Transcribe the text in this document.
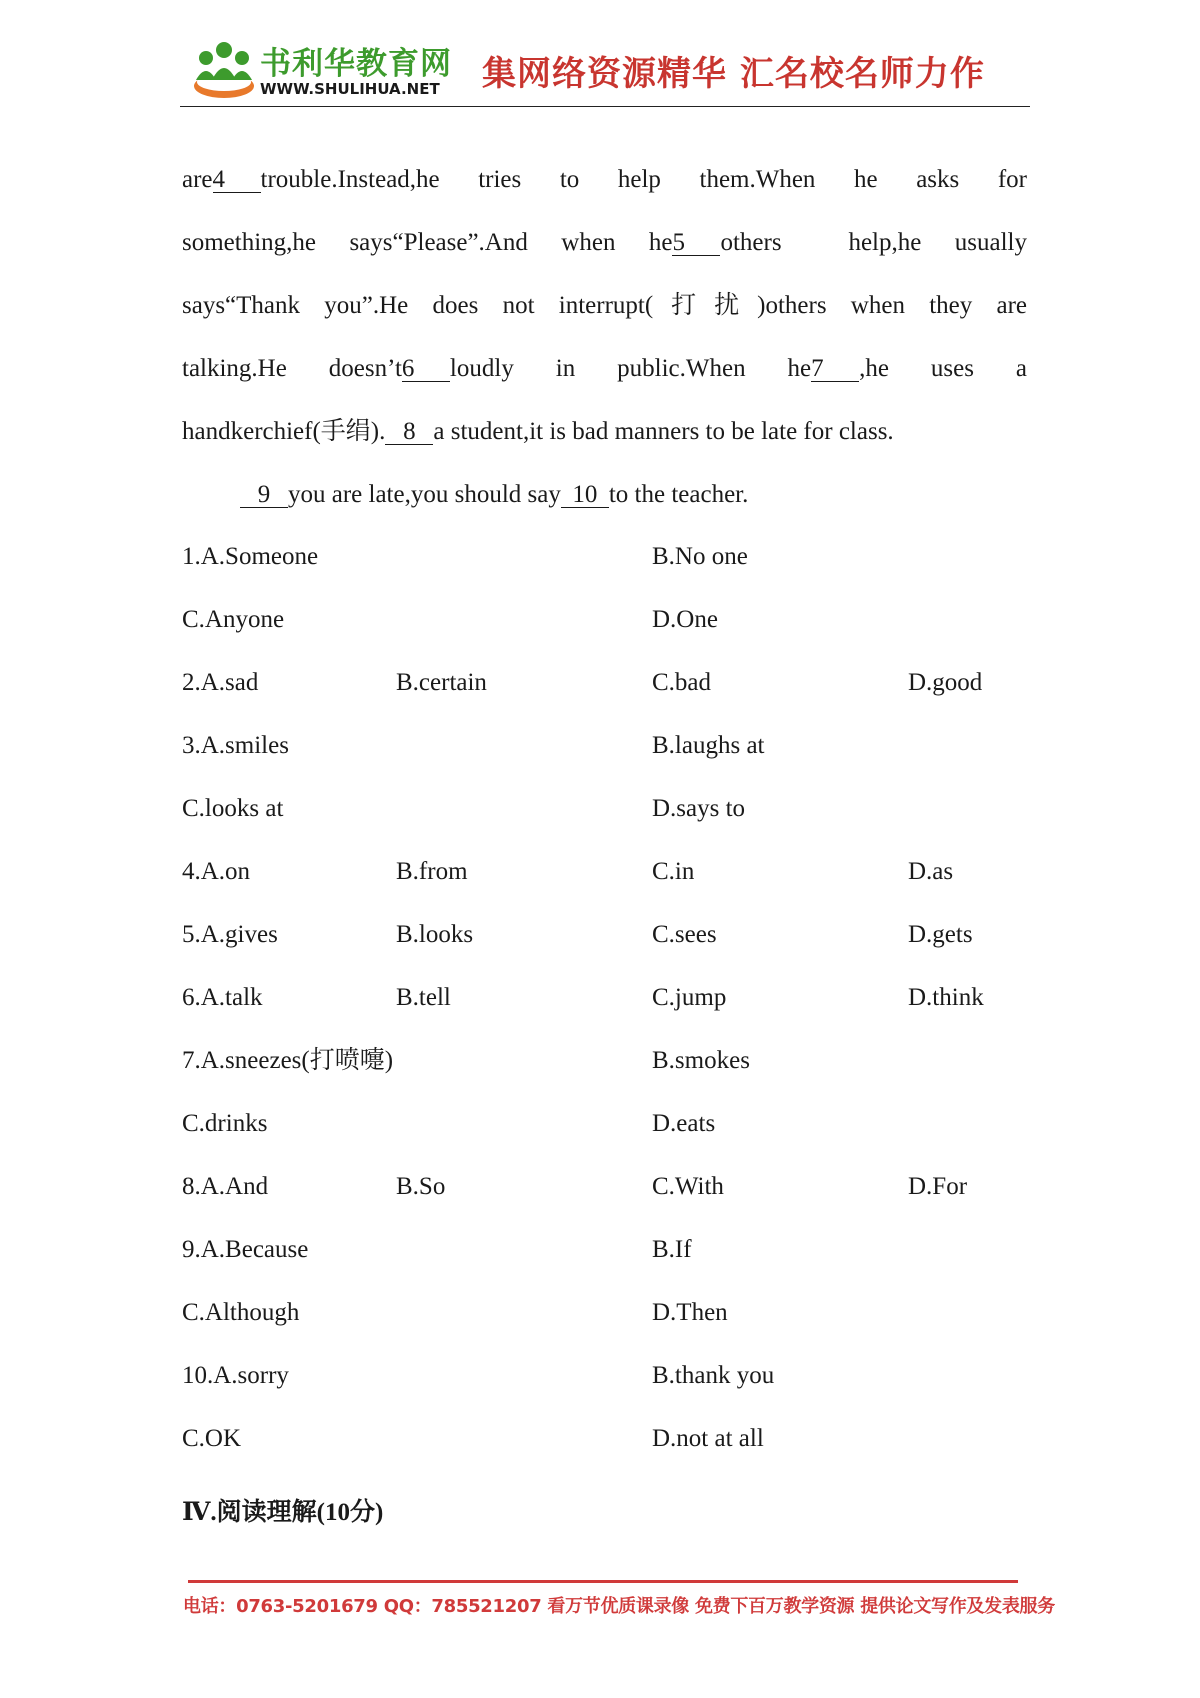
书利华教育网
WWW.SHULIHUA.NET 集网络资源精华 汇名校名师力作
are4 trouble.Instead,he tries to help them.When he asks for
something,he says“Please”.And when he5 others  help,he usually
says“Thank you”.He does not interrupt(打扰)others when they are
talking.He doesn’t6 loudly in public.When he7 ,he uses a
handkerchief(手绢). 8 a student,it is bad manners to be late for class.
9 you are late,you should say 10 to the teacher.
1.A.Someone	B.No one
C.Anyone	D.One
2.A.sad	B.certain	C.bad	D.good
3.A.smiles	B.laughs at
C.looks at	D.says to
4.A.on	B.from	C.in	D.as
5.A.gives	B.looks	C.sees	D.gets
6.A.talk	B.tell	C.jump	D.think
7.A.sneezes(打喷嚏)	B.smokes
C.drinks	D.eats
8.A.And	B.So	C.With	D.For
9.A.Because	B.If
C.Although	D.Then
10.A.sorry	B.thank you
C.OK	D.not at all
Ⅳ.阅读理解(10分)
电话：0763-5201679 QQ：785521207 看万节优质课录像 免费下百万教学资源 提供论文写作及发表服务
